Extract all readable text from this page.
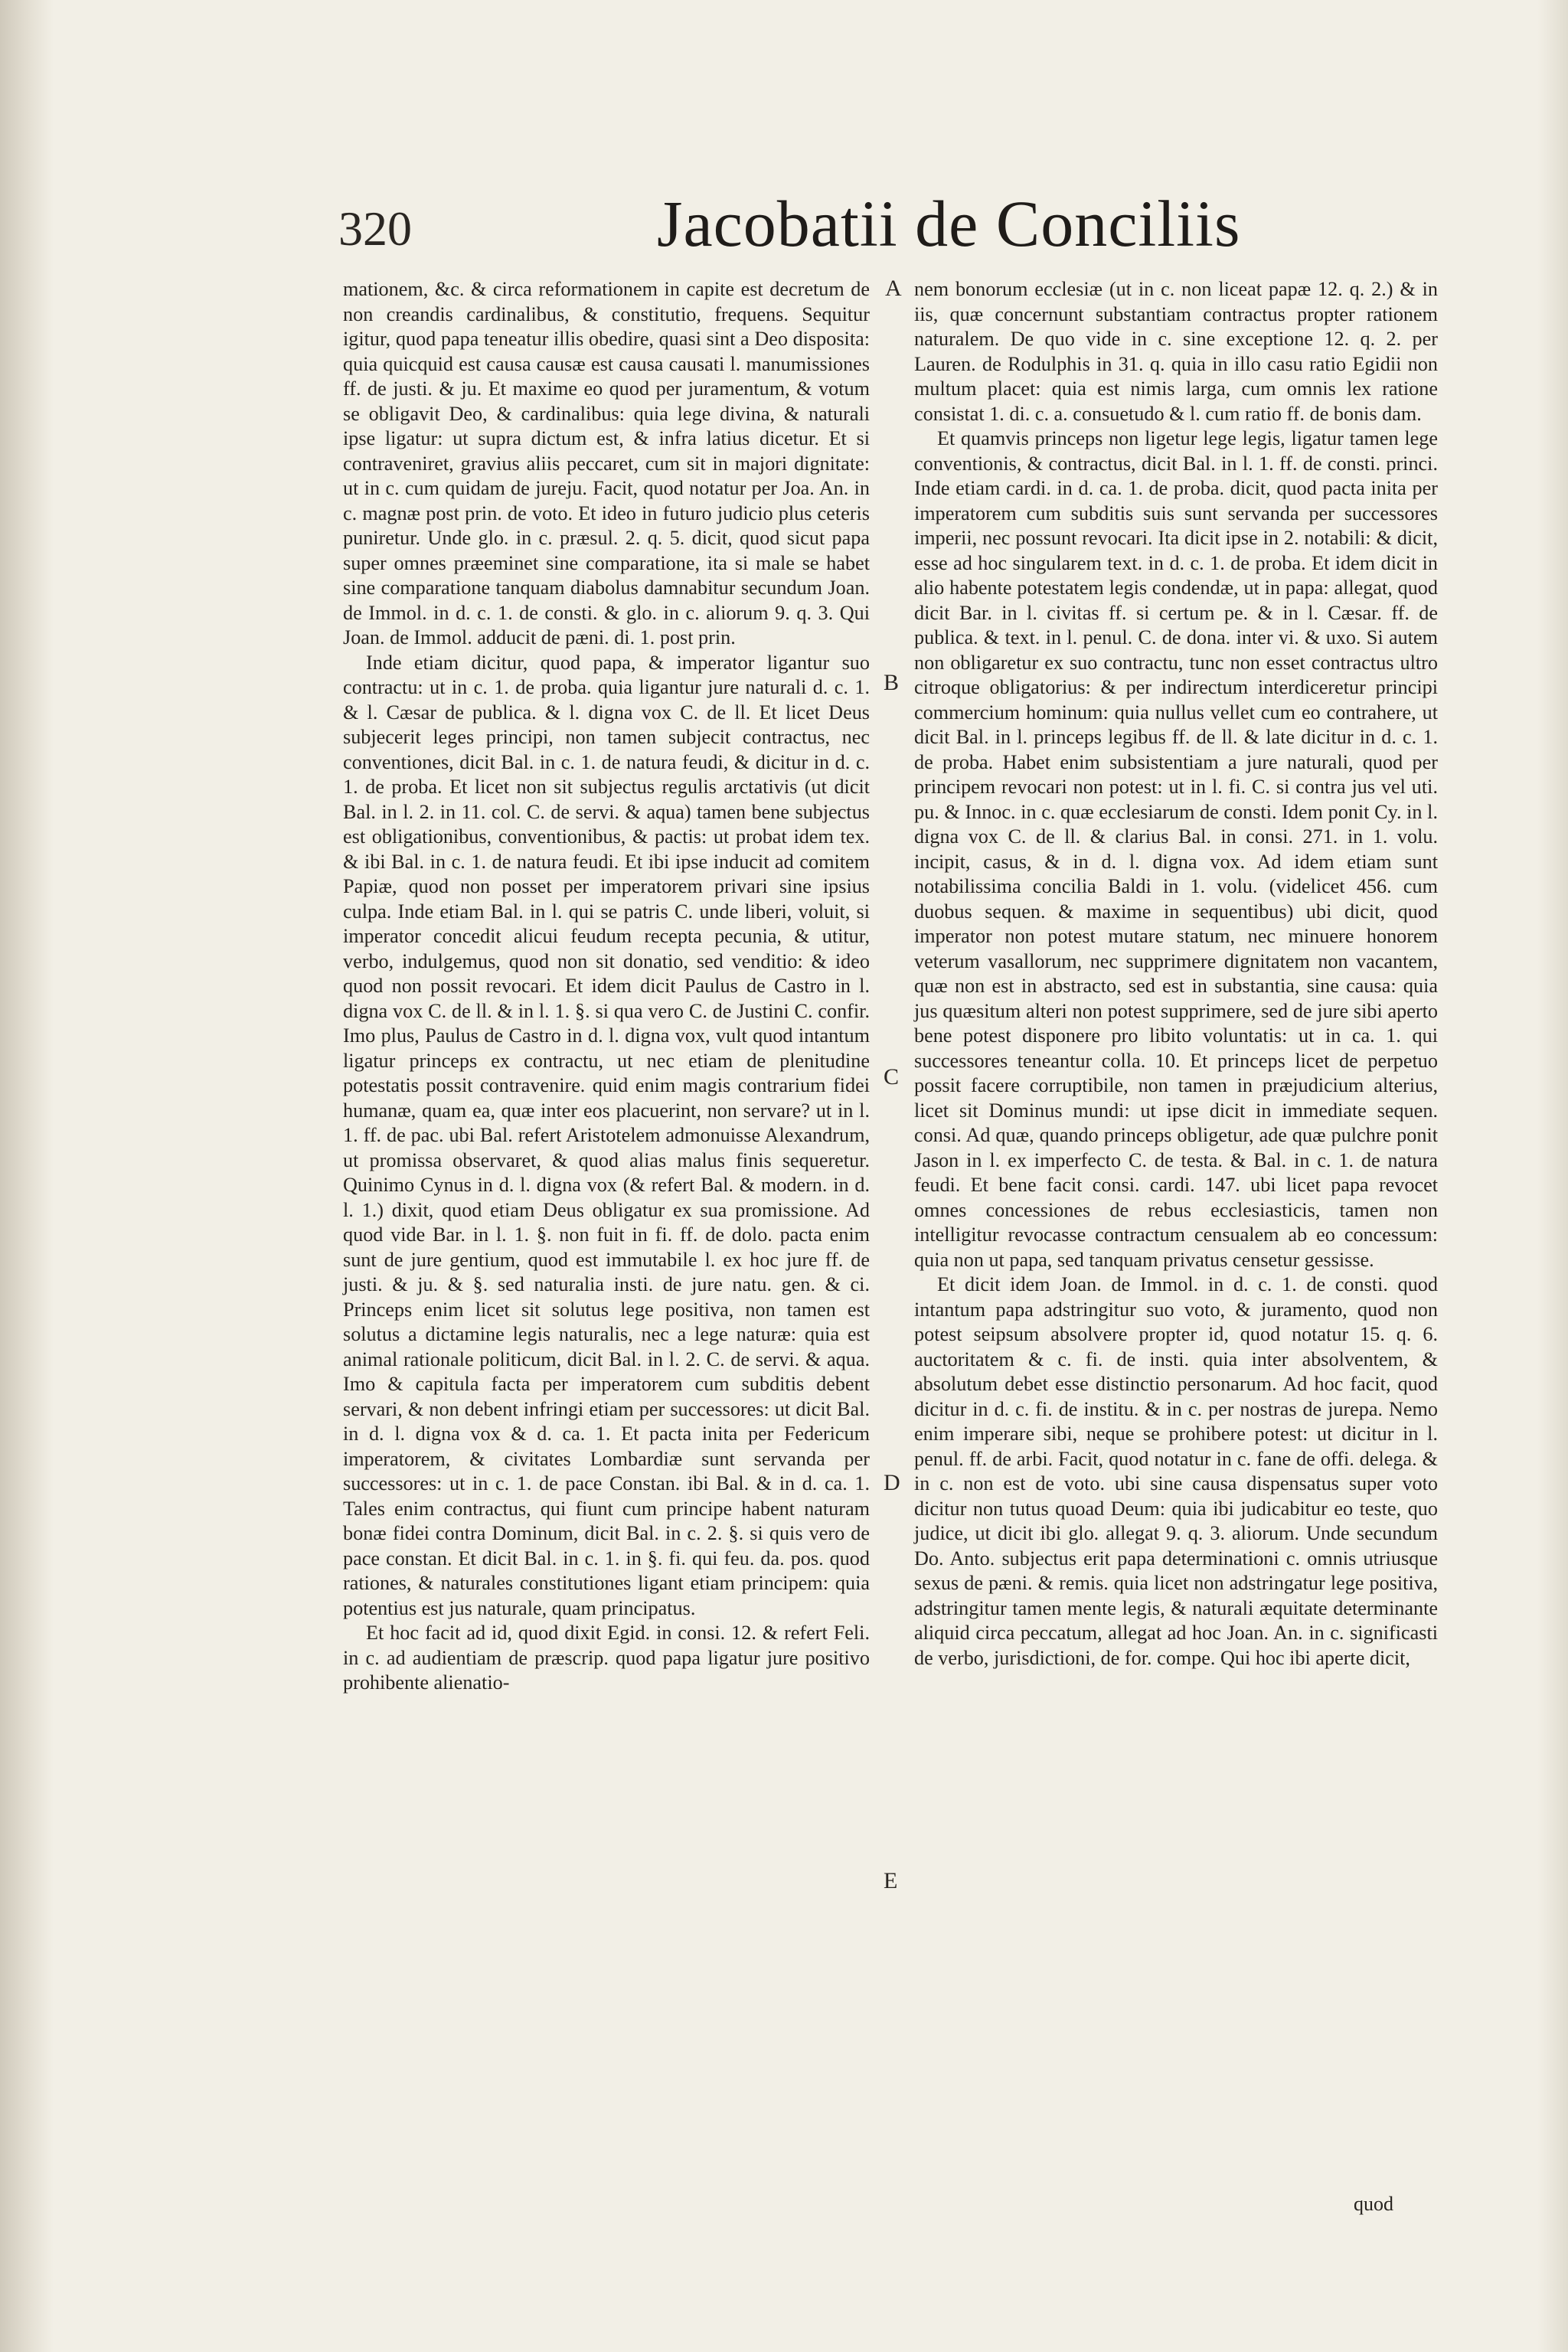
320	Jacobatii de Conciliis

mationem, &c. & circa reformationem in capite est decretum de non creandis cardinalibus, & constitutio, frequens. Sequitur igitur, quod papa teneatur illis obedire, quasi sint a Deo disposita: quia quicquid est causa causæ est causa causati l. manumissiones ff. de justi. & ju. Et maxime eo quod per juramentum, & votum se obligavit Deo, & cardinalibus: quia lege divina, & naturali ipse ligatur: ut supra dictum est, & infra latius dicetur. Et si contraveniret, gravius aliis peccaret, cum sit in majori dignitate: ut in c. cum quidam de jureju. Facit, quod notatur per Joa. An. in c. magnæ post prin. de voto. Et ideo in futuro judicio plus ceteris puniretur. Unde glo. in c. præsul. 2. q. 5. dicit, quod sicut papa super omnes præeminet sine comparatione, ita si male se habet sine comparatione tanquam diabolus damnabitur secundum Joan. de Immol. in d. c. 1. de consti. & glo. in c. aliorum 9. q. 3. Qui Joan. de Immol. adducit de pæni. di. 1. post prin.

Inde etiam dicitur, quod papa, & imperator ligantur suo contractu: ut in c. 1. de proba. quia ligantur jure naturali d. c. 1. & l. Cæsar de publica. & l. digna vox C. de ll. Et licet Deus subjecerit leges principi, non tamen subjecit contractus, nec conventiones, dicit Bal. in c. 1. de natura feudi, & dicitur in d. c. 1. de proba. Et licet non sit subjectus regulis arctativis (ut dicit Bal. in l. 2. in 11. col. C. de servi. & aqua) tamen bene subjectus est obligationibus, conventionibus, & pactis: ut probat idem tex. & ibi Bal. in c. 1. de natura feudi. Et ibi ipse inducit ad comitem Papiæ, quod non posset per imperatorem privari sine ipsius culpa. Inde etiam Bal. in l. qui se patris C. unde liberi, voluit, si imperator concedit alicui feudum recepta pecunia, & utitur, verbo, indulgemus, quod non sit donatio, sed venditio: & ideo quod non possit revocari. Et idem dicit Paulus de Castro in l. digna vox C. de ll. & in l. 1. §. si qua vero C. de Justini C. confir. Imo plus, Paulus de Castro in d. l. digna vox, vult quod intantum ligatur princeps ex contractu, ut nec etiam de plenitudine potestatis possit contravenire. quid enim magis contrarium fidei humanæ, quam ea, quæ inter eos placuerint, non servare? ut in l. 1. ff. de pac. ubi Bal. refert Aristotelem admonuisse Alexandrum, ut promissa observaret, & quod alias malus finis sequeretur. Quinimo Cynus in d. l. digna vox (& refert Bal. & modern. in d. l. 1.) dixit, quod etiam Deus obligatur ex sua promissione. Ad quod vide Bar. in l. 1. §. non fuit in fi. ff. de dolo. pacta enim sunt de jure gentium, quod est immutabile l. ex hoc jure ff. de justi. & ju. & §. sed naturalia insti. de jure natu. gen. & ci. Princeps enim licet sit solutus lege positiva, non tamen est solutus a dictamine legis naturalis, nec a lege naturæ: quia est animal rationale politicum, dicit Bal. in l. 2. C. de servi. & aqua. Imo & capitula facta per imperatorem cum subditis debent servari, & non debent infringi etiam per successores: ut dicit Bal. in d. l. digna vox & d. ca. 1. Et pacta inita per Federicum imperatorem, & civitates Lombardiæ sunt servanda per successores: ut in c. 1. de pace Constan. ibi Bal. & in d. ca. 1. Tales enim contractus, qui fiunt cum principe habent naturam bonæ fidei contra Dominum, dicit Bal. in c. 2. §. si quis vero de pace constan. Et dicit Bal. in c. 1. in §. fi. qui feu. da. pos. quod rationes, & naturales constitutiones ligant etiam principem: quia potentius est jus naturale, quam principatus.

Et hoc facit ad id, quod dixit Egid. in consi. 12. & refert Feli. in c. ad audientiam de præscrip. quod papa ligatur jure positivo prohibente alienatio-

A
B
C
D
E

nem bonorum ecclesiæ (ut in c. non liceat papæ 12. q. 2.) & in iis, quæ concernunt substantiam contractus propter rationem naturalem. De quo vide in c. sine exceptione 12. q. 2. per Lauren. de Rodulphis in 31. q. quia in illo casu ratio Egidii non multum placet: quia est nimis larga, cum omnis lex ratione consistat 1. di. c. a. consuetudo & l. cum ratio ff. de bonis dam.

Et quamvis princeps non ligetur lege legis, ligatur tamen lege conventionis, & contractus, dicit Bal. in l. 1. ff. de consti. princi. Inde etiam cardi. in d. ca. 1. de proba. dicit, quod pacta inita per imperatorem cum subditis suis sunt servanda per successores imperii, nec possunt revocari. Ita dicit ipse in 2. notabili: & dicit, esse ad hoc singularem text. in d. c. 1. de proba. Et idem dicit in alio habente potestatem legis condendæ, ut in papa: allegat, quod dicit Bar. in l. civitas ff. si certum pe. & in l. Cæsar. ff. de publica. & text. in l. penul. C. de dona. inter vi. & uxo. Si autem non obligaretur ex suo contractu, tunc non esset contractus ultro citroque obligatorius: & per indirectum interdiceretur principi commercium hominum: quia nullus vellet cum eo contrahere, ut dicit Bal. in l. princeps legibus ff. de ll. & late dicitur in d. c. 1. de proba. Habet enim subsistentiam a jure naturali, quod per principem revocari non potest: ut in l. fi. C. si contra jus vel uti. pu. & Innoc. in c. quæ ecclesiarum de consti. Idem ponit Cy. in l. digna vox C. de ll. & clarius Bal. in consi. 271. in 1. volu. incipit, casus, & in d. l. digna vox. Ad idem etiam sunt notabilissima concilia Baldi in 1. volu. (videlicet 456. cum duobus sequen. & maxime in sequentibus) ubi dicit, quod imperator non potest mutare statum, nec minuere honorem veterum vasallorum, nec supprimere dignitatem non vacantem, quæ non est in abstracto, sed est in substantia, sine causa: quia jus quæsitum alteri non potest supprimere, sed de jure sibi aperto bene potest disponere pro libito voluntatis: ut in ca. 1. qui successores teneantur colla. 10. Et princeps licet de perpetuo possit facere corruptibile, non tamen in præjudicium alterius, licet sit Dominus mundi: ut ipse dicit in immediate sequen. consi. Ad quæ, quando princeps obligetur, ade quæ pulchre ponit Jason in l. ex imperfecto C. de testa. & Bal. in c. 1. de natura feudi. Et bene facit consi. cardi. 147. ubi licet papa revocet omnes concessiones de rebus ecclesiasticis, tamen non intelligitur revocasse contractum censualem ab eo concessum: quia non ut papa, sed tanquam privatus censetur gessisse.

Et dicit idem Joan. de Immol. in d. c. 1. de consti. quod intantum papa adstringitur suo voto, & juramento, quod non potest seipsum absolvere propter id, quod notatur 15. q. 6. auctoritatem & c. fi. de insti. quia inter absolventem, & absolutum debet esse distinctio personarum. Ad hoc facit, quod dicitur in d. c. fi. de institu. & in c. per nostras de jurepa. Nemo enim imperare sibi, neque se prohibere potest: ut dicitur in l. penul. ff. de arbi. Facit, quod notatur in c. fane de offi. delega. & in c. non est de voto. ubi sine causa dispensatus super voto dicitur non tutus quoad Deum: quia ibi judicabitur eo teste, quo judice, ut dicit ibi glo. allegat 9. q. 3. aliorum. Unde secundum Do. Anto. subjectus erit papa determinationi c. omnis utriusque sexus de pæni. & remis. quia licet non adstringatur lege positiva, adstringitur tamen mente legis, & naturali æquitate determinante aliquid circa peccatum, allegat ad hoc Joan. An. in c. significasti de verbo, jurisdictioni, de for. compe. Qui hoc ibi aperte dicit,

quod
